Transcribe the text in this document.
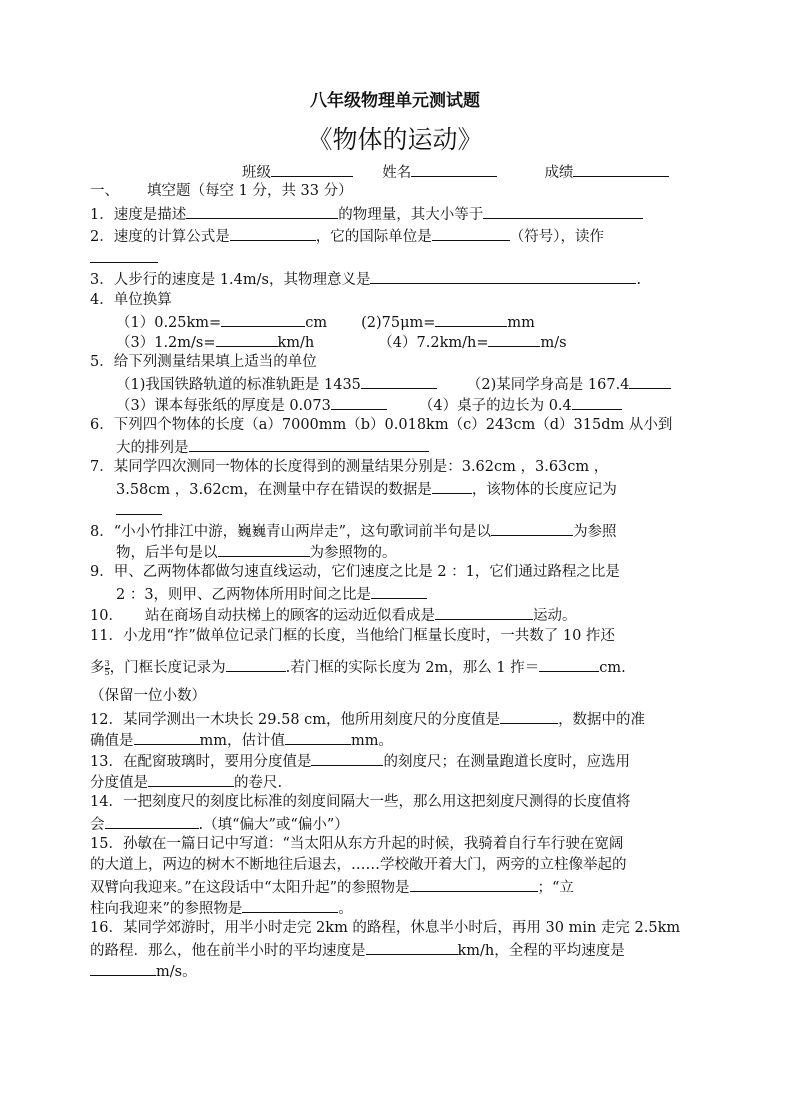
八年级物理单元测试题
《物体的运动》
班级	姓名	成绩
一、 填空题（每空 1 分，共 33 分）
1．速度是描述	的物理量，其大小等于
2．速度的计算公式是	，它的国际单位是	（符号），读作
3．人步行的速度是 1.4m/s，其物理意义是	.
4．单位换算
（1）0.25km=	cm (2)75μm=	mm
（3）1.2m/s=	km/h	（4）7.2km/h=	m/s
5．给下列测量结果填上适当的单位
（1)我国铁路轨道的标准轨距是 1435	（2)某同学身高是 167.4
（3）课本每张纸的厚度是 0.073	（4）桌子的边长为 0.4
6．下列四个物体的长度（a）7000mm（b）0.018km（c）243cm（d）315dm 从小到
大的排列是
7．某同学四次测同一物体的长度得到的测量结果分别是：3.62cm ，3.63cm ，
3.58cm ，3.62cm，在测量中存在错误的数据是	，该物体的长度应记为
8．“小小竹排江中游，巍巍青山两岸走”，这句歌词前半句是以	为参照
物，后半句是以	为参照物的。
9．甲、乙两物体都做匀速直线运动，它们速度之比是 2 ：1，它们通过路程之比是
2 ：3，则甲、乙两物体所用时间之比是
10． 站在商场自动扶梯上的顾客的运动近似看成是	运动。
11．小龙用“拃”做单位记录门框的长度，当他给门框量长度时，一共数了 10 拃还
多 $\frac{3}{5}$ ，门框长度记录为	.若门框的实际长度为 2m，那么 1 拃＝	cm.
（保留一位小数）
12．某同学测出一木块长 29.58 cm，他所用刻度尺的分度值是	，数据中的准
确值是	mm，估计值	mm。
13．在配窗玻璃时，要用分度值是	的刻度尺；在测量跑道长度时，应选用
分度值是	的卷尺.
14．一把刻度尺的刻度比标准的刻度间隔大一些，那么用这把刻度尺测得的长度值将
会	.（填“偏大”或“偏小”）
15．孙敏在一篇日记中写道：“当太阳从东方升起的时候，我骑着自行车行驶在宽阔
的大道上，两边的树木不断地往后退去，……学校敞开着大门，两旁的立柱像举起的
双臂向我迎来。”在这段话中“太阳升起”的参照物是	；“立
柱向我迎来”的参照物是	。
16．某同学郊游时，用半小时走完 2km 的路程，休息半小时后，再用 30 min 走完 2.5km
的路程．那么，他在前半小时的平均速度是	km/h，全程的平均速度是
m/s。
